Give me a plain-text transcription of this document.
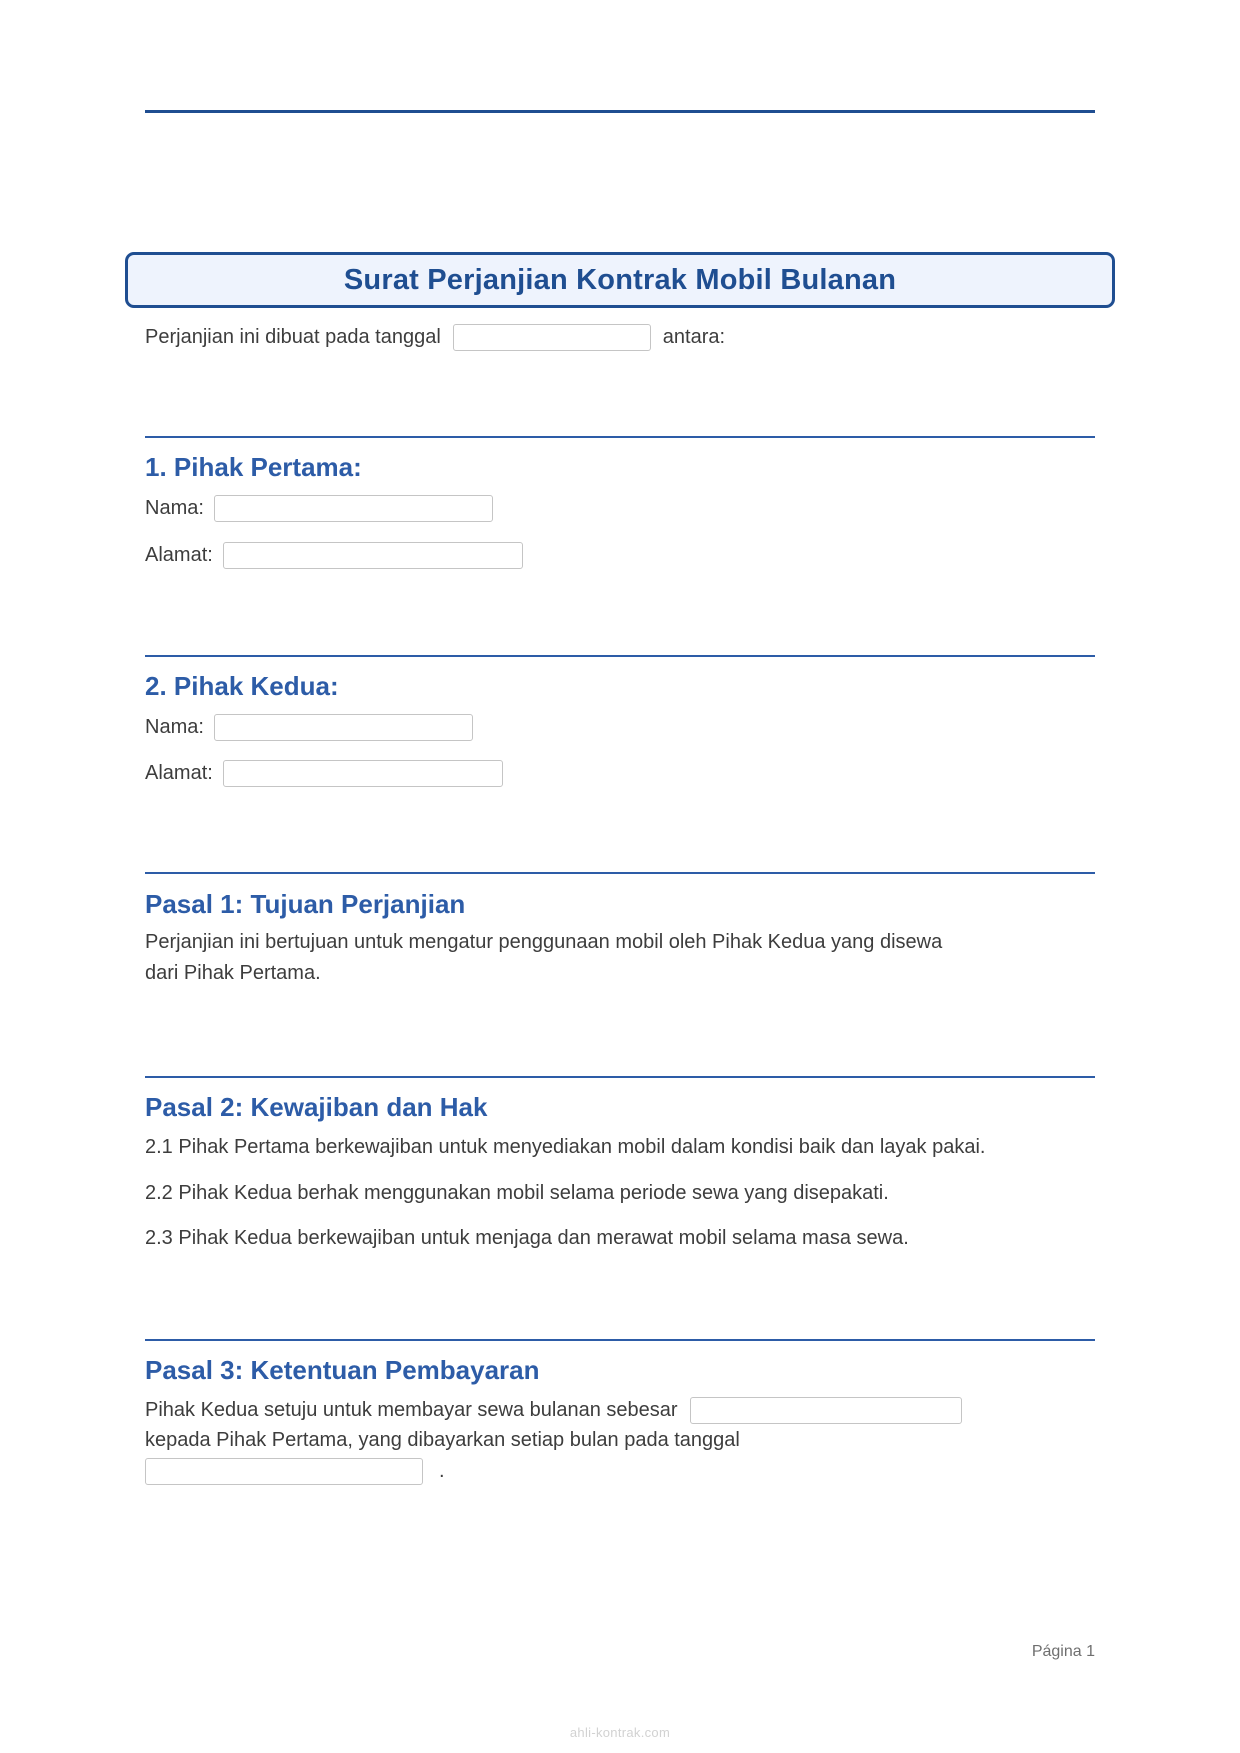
Surat Perjanjian Kontrak Mobil Bulanan
Perjanjian ini dibuat pada tanggal	antara:
1. Pihak Pertama:
Nama:
Alamat:
2. Pihak Kedua:
Nama:
Alamat:
Pasal 1: Tujuan Perjanjian
Perjanjian ini bertujuan untuk mengatur penggunaan mobil oleh Pihak Kedua yang disewa
dari Pihak Pertama.
Pasal 2: Kewajiban dan Hak
2.1 Pihak Pertama berkewajiban untuk menyediakan mobil dalam kondisi baik dan layak pakai.
2.2 Pihak Kedua berhak menggunakan mobil selama periode sewa yang disepakati.
2.3 Pihak Kedua berkewajiban untuk menjaga dan merawat mobil selama masa sewa.
Pasal 3: Ketentuan Pembayaran
Pihak Kedua setuju untuk membayar sewa bulanan sebesar
kepada Pihak Pertama, yang dibayarkan setiap bulan pada tanggal
.
Página 1
ahli-kontrak.com
